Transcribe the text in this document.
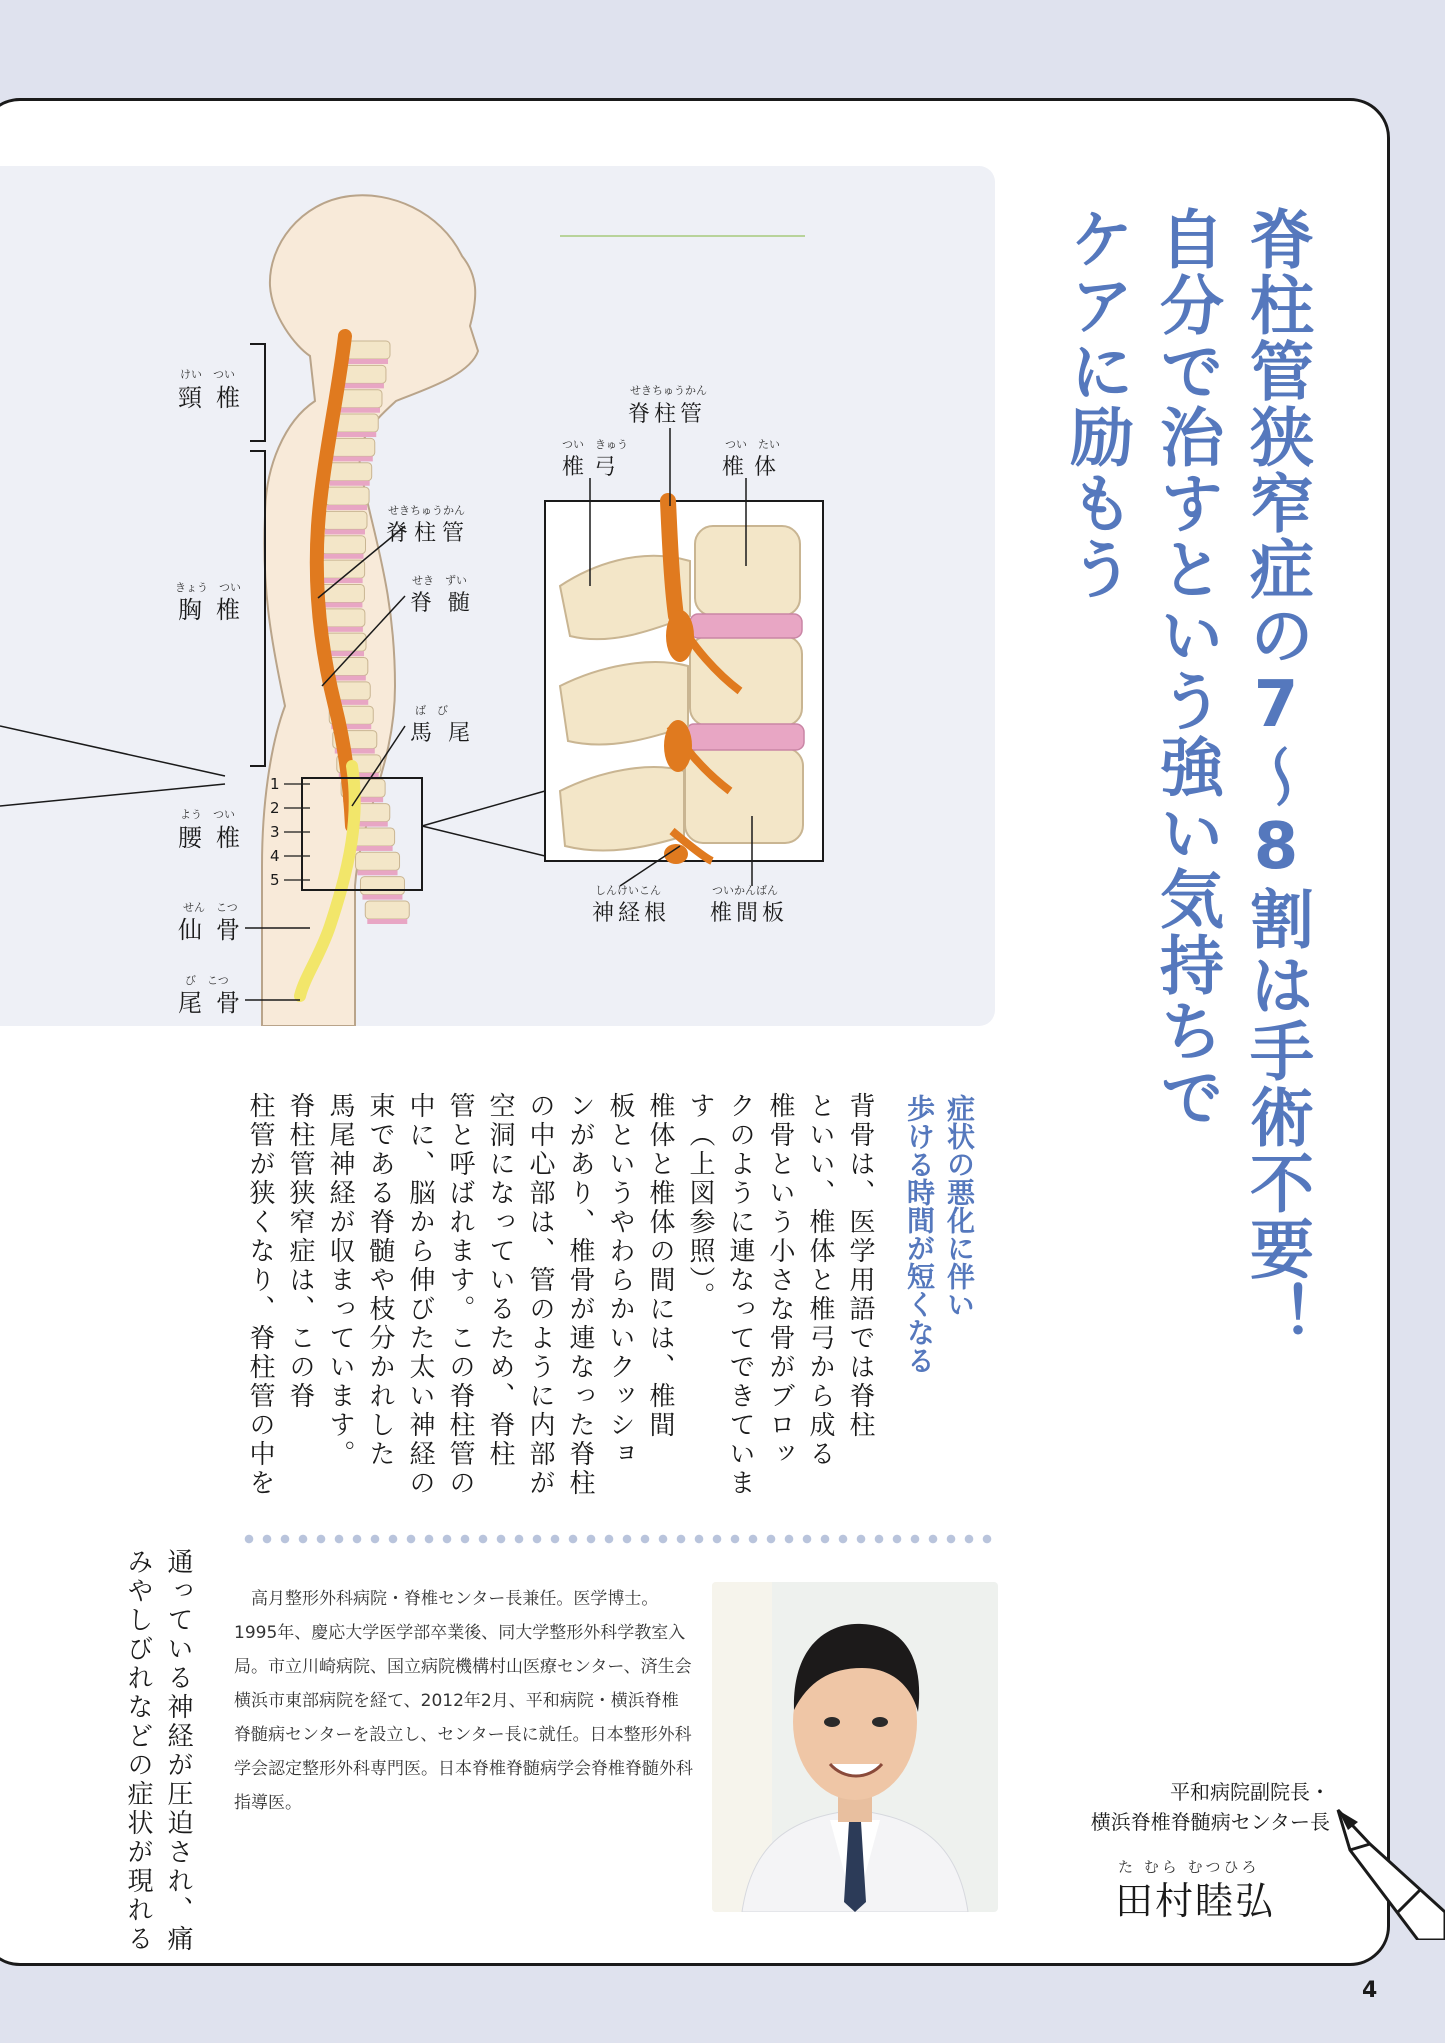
けい　つい
頸椎
きょう　つい
胸椎
よう　つい
腰椎
せん　こつ
仙骨
び　こつ
尾骨
1
2
3
4
5
せきちゅうかん
脊柱管
せき　ずい
脊髄
ば　び
馬尾
せきちゅうかん
脊柱管
つい　きゅう
椎弓
つい　たい
椎体
しんけいこん
神経根
ついかんばん
椎間板	脊柱管狭窄症の7〜8割は手術不要！
自分で治すという強い気持ちで
ケアに励もう
症状の悪化に伴い
歩ける時間が短くなる
背骨は、医学用語では脊柱
といい、椎体と椎弓から成る
椎骨という小さな骨がブロッ
クのように連なってできていま
す（上図参照）。
椎体と椎体の間には、椎間
板というやわらかいクッショ
ンがあり、椎骨が連なった脊柱
の中心部は、管のように内部が
空洞になっているため、脊柱
管と呼ばれます。この脊柱管の
中に、脳から伸びた太い神経の
束である脊髄や枝分かれした
馬尾神経が収まっています。
脊柱管狭窄症は、この脊
柱管が狭くなり、脊柱管の中を
通っている神経が圧迫され、痛
みやしびれなどの症状が現れる	高月整形外科病院・脊椎センター長兼任。医学博士。1995年、慶応大学医学部卒業後、同大学整形外科学教室入局。市立川崎病院、国立病院機構村山医療センター、済生会横浜市東部病院を経て、2012年2月、平和病院・横浜脊椎脊髄病センターを設立し、センター長に就任。日本整形外科学会認定整形外科専門医。日本脊椎脊髄病学会脊椎脊髄外科指導医。	平和病院副院長・
横浜脊椎脊髄病センター長
た むら むつひろ
田村睦弘
4
